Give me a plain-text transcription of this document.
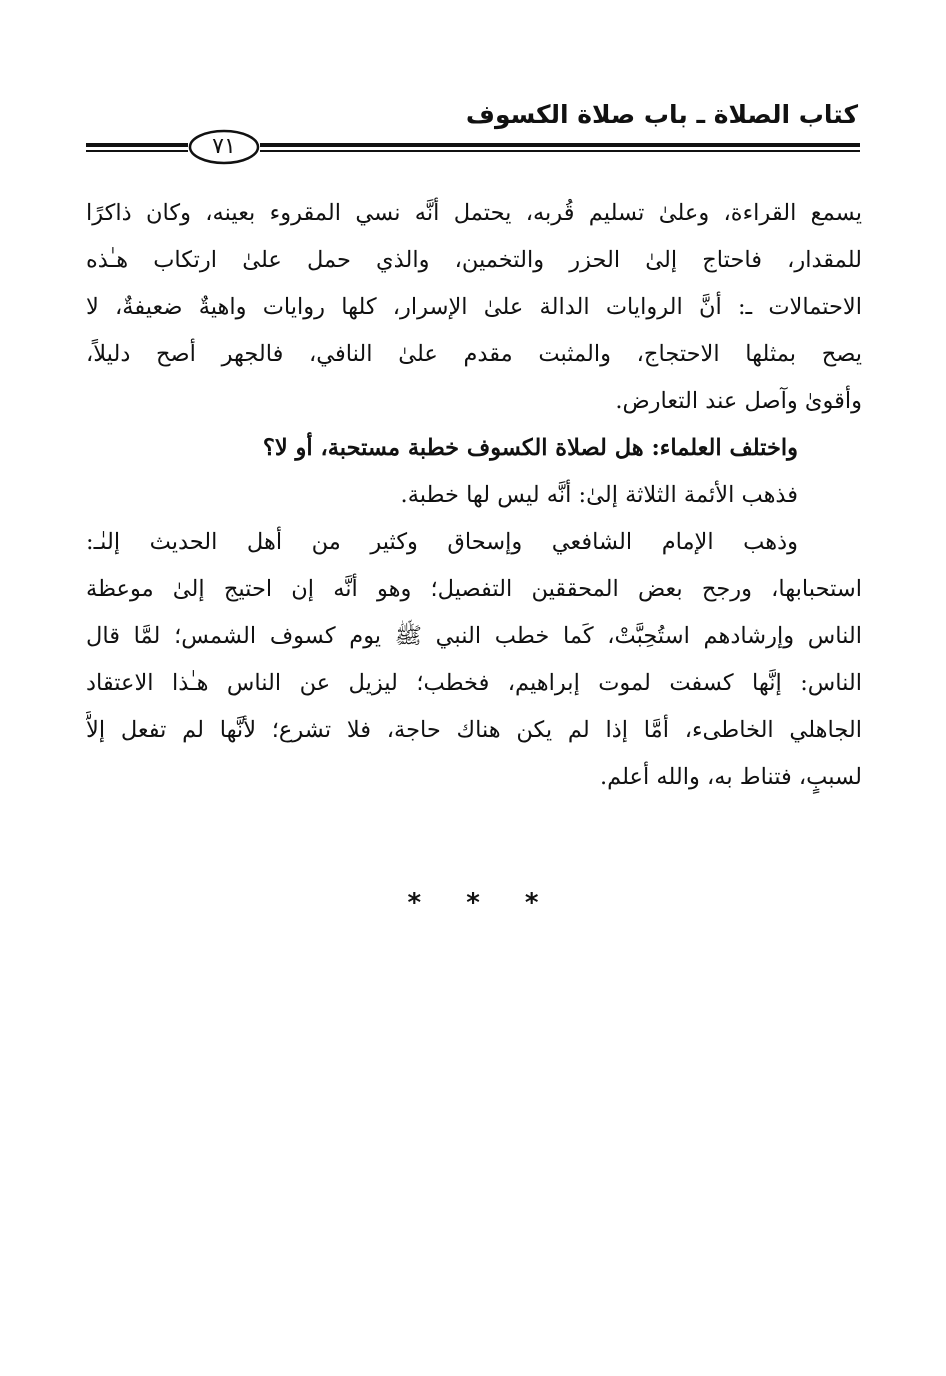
كتاب الصلاة ـ باب صلاة الكسوف
٧١
يسمع القراءة، وعلىٰ تسليم قُربه، يحتمل أنَّه نسي المقروء بعينه، وكان ذاكرًا
للمقدار، فاحتاج إلىٰ الحزر والتخمين، والذي حمل علىٰ ارتكاب هـٰذه
الاحتمالات ـ: أنَّ الروايات الدالة علىٰ الإسرار، كلها روايات واهيةٌ ضعيفةٌ، لا
يصح بمثلها الاحتجاج، والمثبت مقدم علىٰ النافي، فالجهر أصح دليلاً،
وأقوىٰ وآصل عند التعارض.
واختلف العلماء: هل لصلاة الكسوف خطبة مستحبة، أو لا؟
فذهب الأئمة الثلاثة إلىٰ: أنَّه ليس لها خطبة.
وذهب الإمام الشافعي وإسحاق وكثير من أهل الحديث إلىٰـ:
استحبابها، ورجح بعض المحققين التفصيل؛ وهو أنَّه إن احتيج إلىٰ موعظة
الناس وإرشادهم استُحِبَّتْ، كَما خطب النبي ﷺ يوم كسوف الشمس؛ لمَّا قال
الناس: إنَّها كسفت لموت إبراهيم، فخطب؛ ليزيل عن الناس هـٰذا الاعتقاد
الجاهلي الخاطىء، أمَّا إذا لم يكن هناك حاجة، فلا تشرع؛ لأنَّها لم تفعل إلاَّ
لسببٍ، فتناط به، والله أعلم.
* * *
